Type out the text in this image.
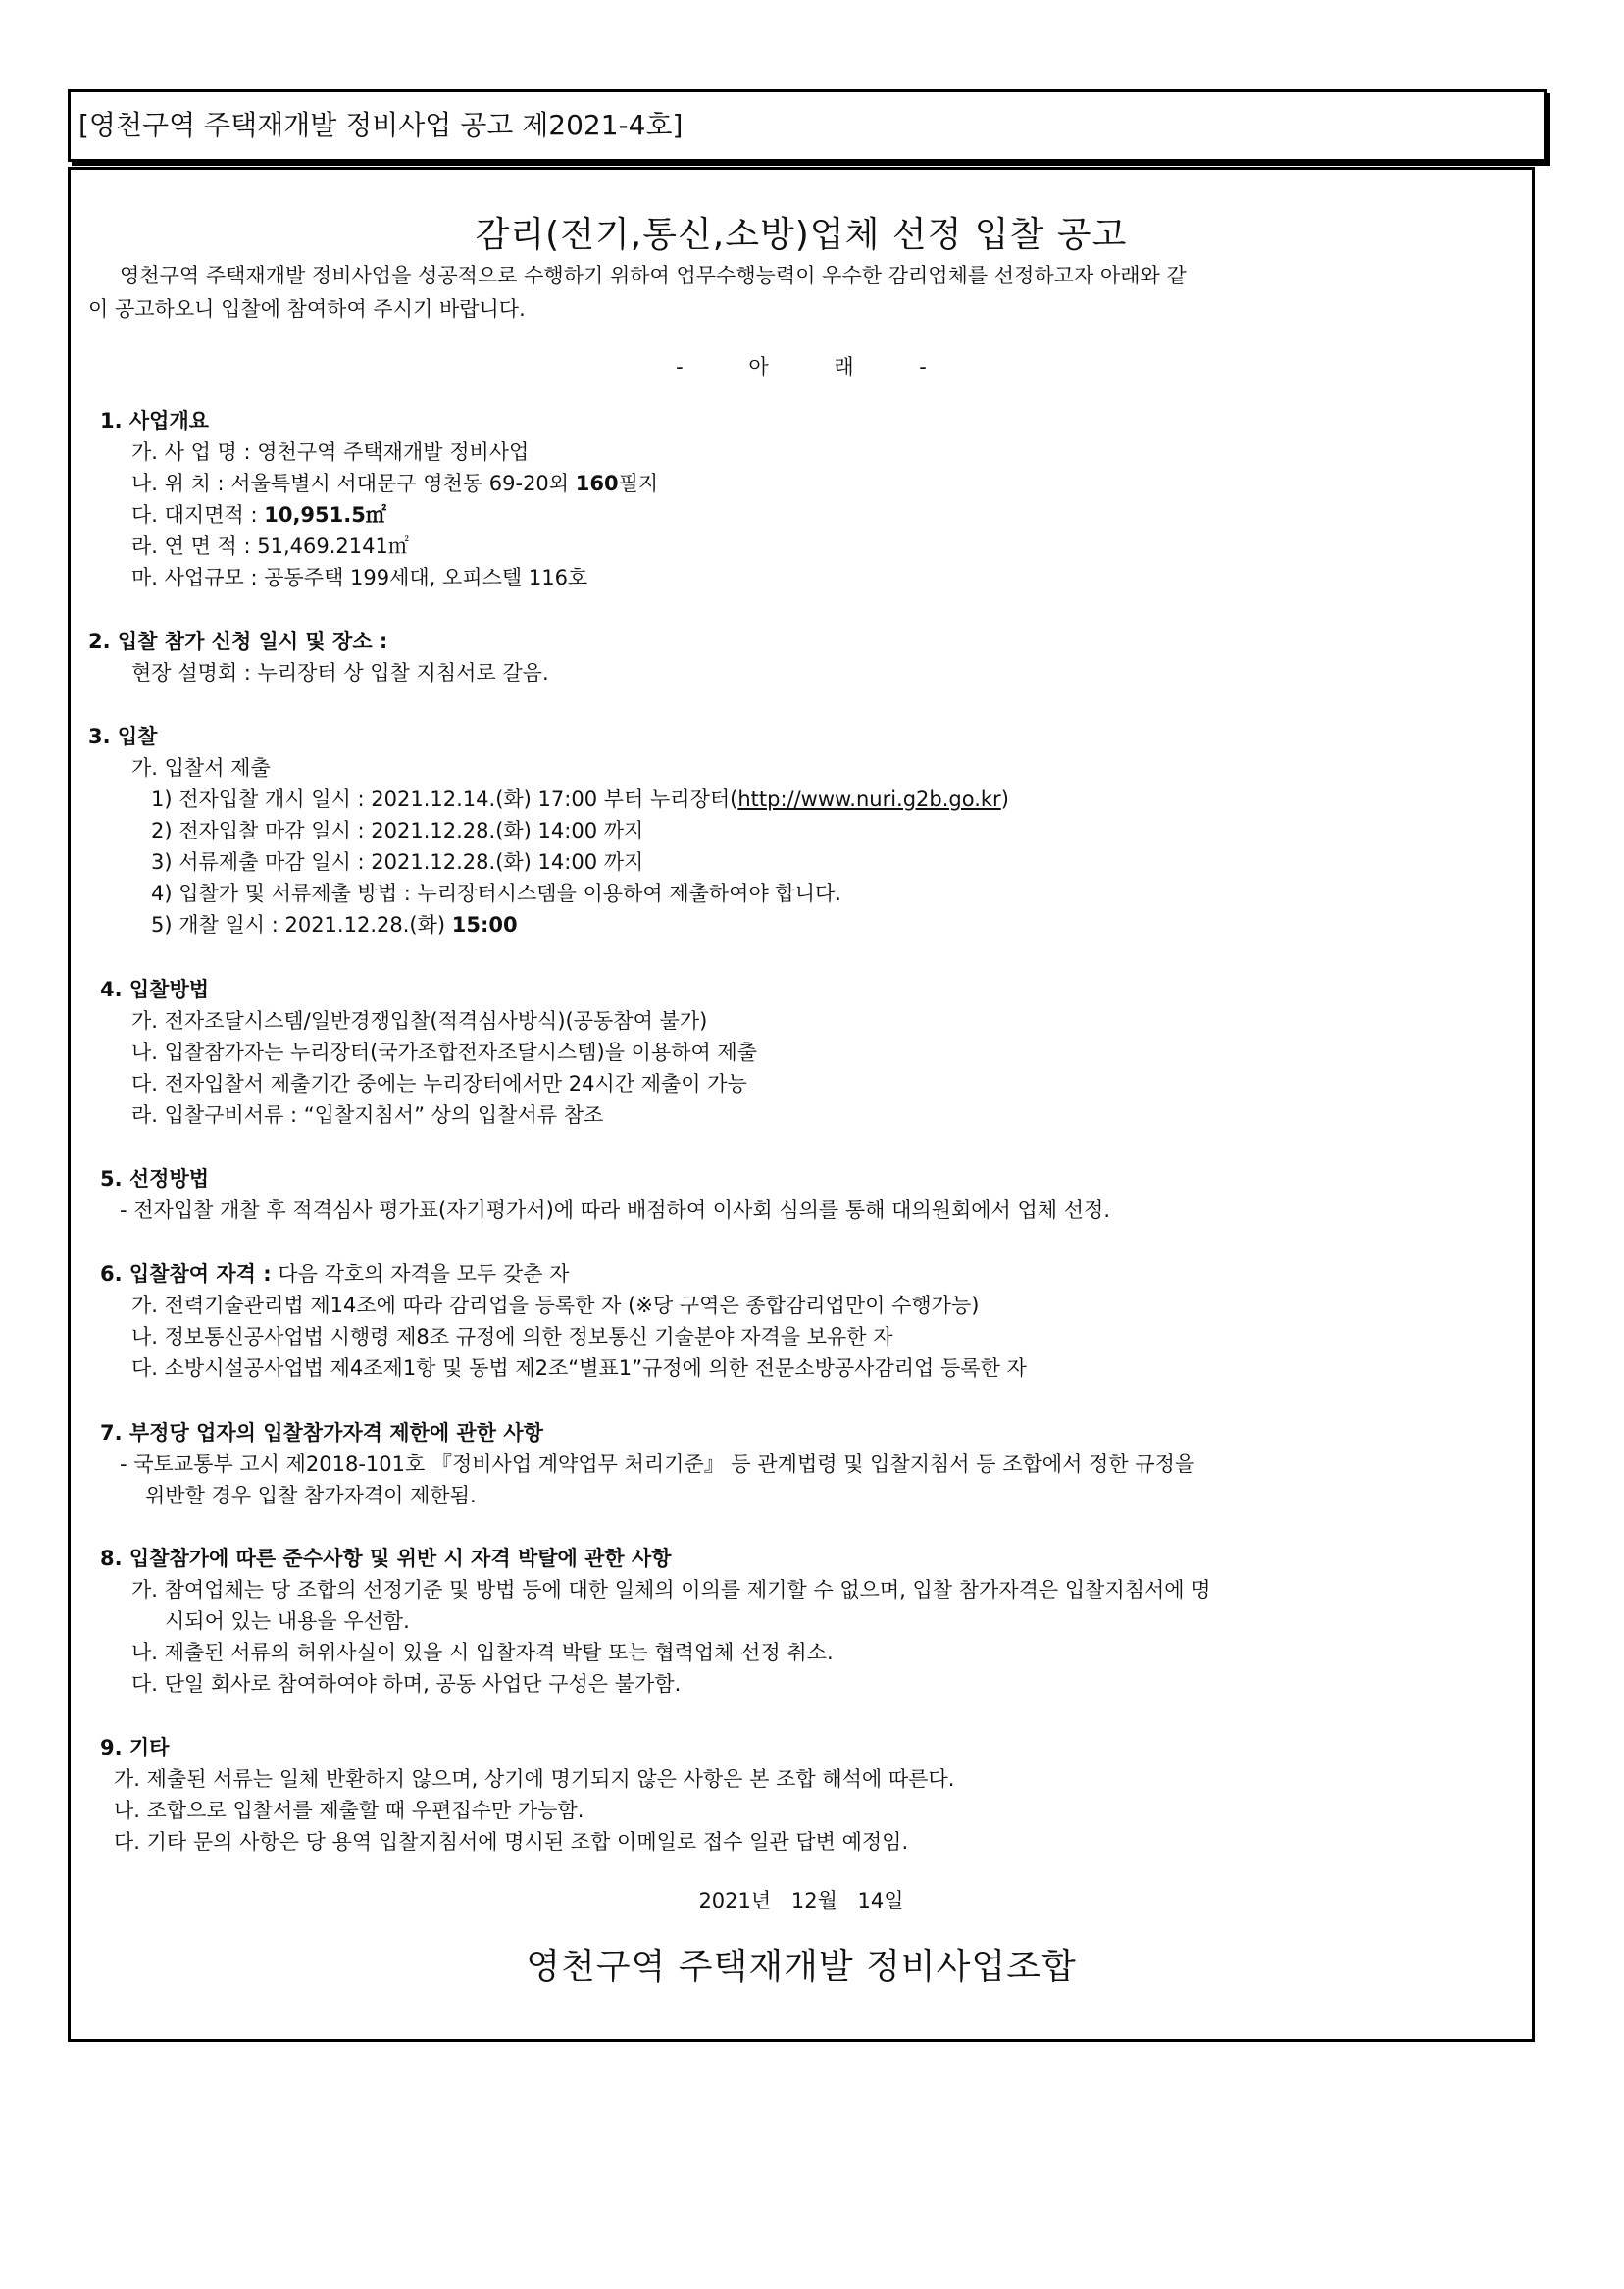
[영천구역 주택재개발 정비사업 공고 제2021-4호]
감리(전기,통신,소방)업체 선정 입찰 공고
영천구역 주택재개발 정비사업을 성공적으로 수행하기 위하여 업무수행능력이 우수한 감리업체를 선정하고자 아래와 같
이 공고하오니 입찰에 참여하여 주시기 바랍니다.
- 아 래 -
1. 사업개요
가. 사 업 명 : 영천구역 주택재개발 정비사업
나. 위 치 : 서울특별시 서대문구 영천동 69-20외 160필지
다. 대지면적 : 10,951.5㎡
라. 연 면 적 : 51,469.2141㎡
마. 사업규모 : 공동주택 199세대, 오피스텔 116호
2. 입찰 참가 신청 일시 및 장소 :
현장 설명회 : 누리장터 상 입찰 지침서로 갈음.
3. 입찰
가. 입찰서 제출
1) 전자입찰 개시 일시 : 2021.12.14.(화) 17:00 부터 누리장터(http://www.nuri.g2b.go.kr)
2) 전자입찰 마감 일시 : 2021.12.28.(화) 14:00 까지
3) 서류제출 마감 일시 : 2021.12.28.(화) 14:00 까지
4) 입찰가 및 서류제출 방법 : 누리장터시스템을 이용하여 제출하여야 합니다.
5) 개찰 일시 : 2021.12.28.(화) 15:00
4. 입찰방법
가. 전자조달시스템/일반경쟁입찰(적격심사방식)(공동참여 불가)
나. 입찰참가자는 누리장터(국가조합전자조달시스템)을 이용하여 제출
다. 전자입찰서 제출기간 중에는 누리장터에서만 24시간 제출이 가능
라. 입찰구비서류 : “입찰지침서” 상의 입찰서류 참조
5. 선정방법
- 전자입찰 개찰 후 적격심사 평가표(자기평가서)에 따라 배점하여 이사회 심의를 통해 대의원회에서 업체 선정.
6. 입찰참여 자격 : 다음 각호의 자격을 모두 갖춘 자
가. 전력기술관리법 제14조에 따라 감리업을 등록한 자 (※당 구역은 종합감리업만이 수행가능)
나. 정보통신공사업법 시행령 제8조 규정에 의한 정보통신 기술분야 자격을 보유한 자
다. 소방시설공사업법 제4조제1항 및 동법 제2조“별표1”규정에 의한 전문소방공사감리업 등록한 자
7. 부정당 업자의 입찰참가자격 제한에 관한 사항
- 국토교통부 고시 제2018-101호 『정비사업 계약업무 처리기준』 등 관계법령 및 입찰지침서 등 조합에서 정한 규정을
위반할 경우 입찰 참가자격이 제한됨.
8. 입찰참가에 따른 준수사항 및 위반 시 자격 박탈에 관한 사항
가. 참여업체는 당 조합의 선정기준 및 방법 등에 대한 일체의 이의를 제기할 수 없으며, 입찰 참가자격은 입찰지침서에 명
시되어 있는 내용을 우선함.
나. 제출된 서류의 허위사실이 있을 시 입찰자격 박탈 또는 협력업체 선정 취소.
다. 단일 회사로 참여하여야 하며, 공동 사업단 구성은 불가함.
9. 기타
가. 제출된 서류는 일체 반환하지 않으며, 상기에 명기되지 않은 사항은 본 조합 해석에 따른다.
나. 조합으로 입찰서를 제출할 때 우편접수만 가능함.
다. 기타 문의 사항은 당 용역 입찰지침서에 명시된 조합 이메일로 접수 일관 답변 예정임.
2021년 12월 14일
영천구역 주택재개발 정비사업조합
